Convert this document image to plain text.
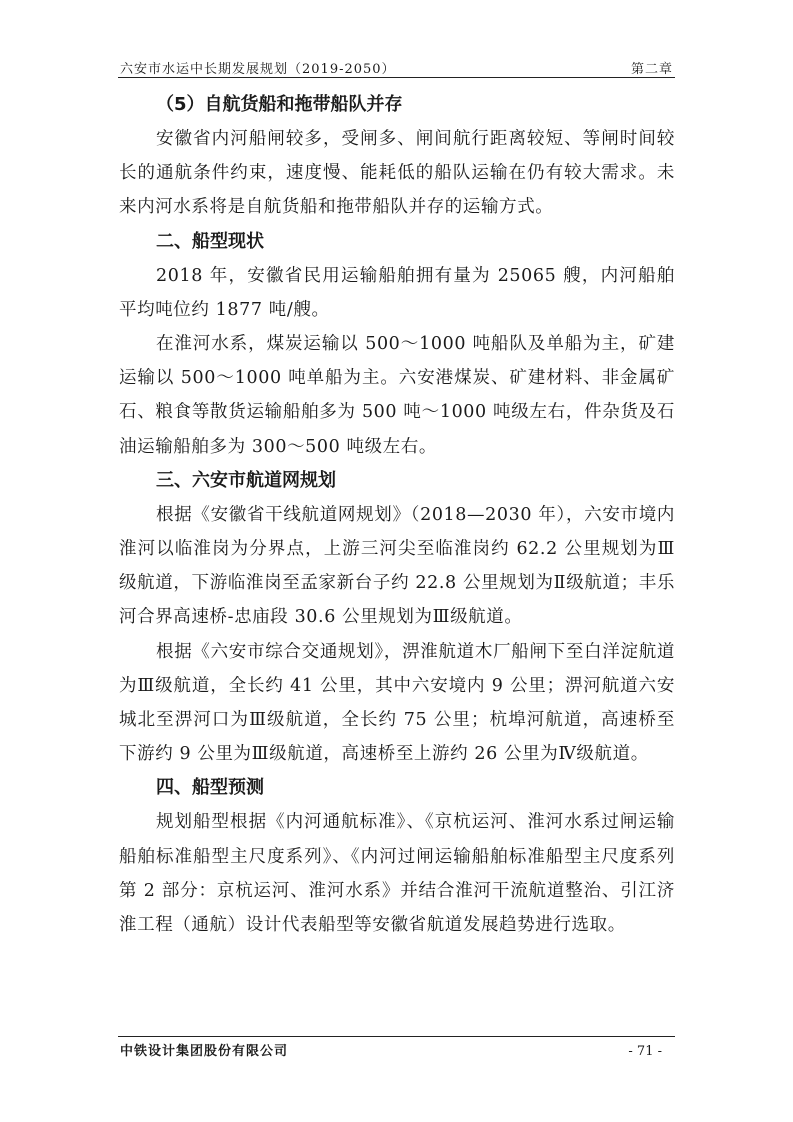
六安市水运中长期发展规划（2019-2050）	第二章
（5）自航货船和拖带船队并存

安徽省内河船闸较多，受闸多、闸间航行距离较短、等闸时间较长的通航条件约束，速度慢、能耗低的船队运输在仍有较大需求。未来内河水系将是自航货船和拖带船队并存的运输方式。

二、船型现状

2018 年，安徽省民用运输船舶拥有量为 25065 艘，内河船舶平均吨位约 1877 吨/艘。

在淮河水系，煤炭运输以 500～1000 吨船队及单船为主，矿建运输以 500～1000 吨单船为主。六安港煤炭、矿建材料、非金属矿石、粮食等散货运输船舶多为 500 吨～1000 吨级左右，件杂货及石油运输船舶多为 300～500 吨级左右。

三、六安市航道网规划

根据《安徽省干线航道网规划》（2018—2030 年），六安市境内淮河以临淮岗为分界点，上游三河尖至临淮岗约 62.2 公里规划为Ⅲ级航道，下游临淮岗至孟家新台子约 22.8 公里规划为Ⅱ级航道；丰乐河合界高速桥-忠庙段 30.6 公里规划为Ⅲ级航道。

根据《六安市综合交通规划》，淠淮航道木厂船闸下至白洋淀航道为Ⅲ级航道，全长约 41 公里，其中六安境内 9 公里；淠河航道六安城北至淠河口为Ⅲ级航道，全长约 75 公里；杭埠河航道，高速桥至下游约 9 公里为Ⅲ级航道，高速桥至上游约 26 公里为Ⅳ级航道。

四、船型预测

规划船型根据《内河通航标准》、《京杭运河、淮河水系过闸运输船舶标准船型主尺度系列》、《内河过闸运输船舶标准船型主尺度系列第 2 部分：京杭运河、淮河水系》并结合淮河干流航道整治、引江济淮工程（通航）设计代表船型等安徽省航道发展趋势进行选取。

中铁设计集团股份有限公司	- 71 -
